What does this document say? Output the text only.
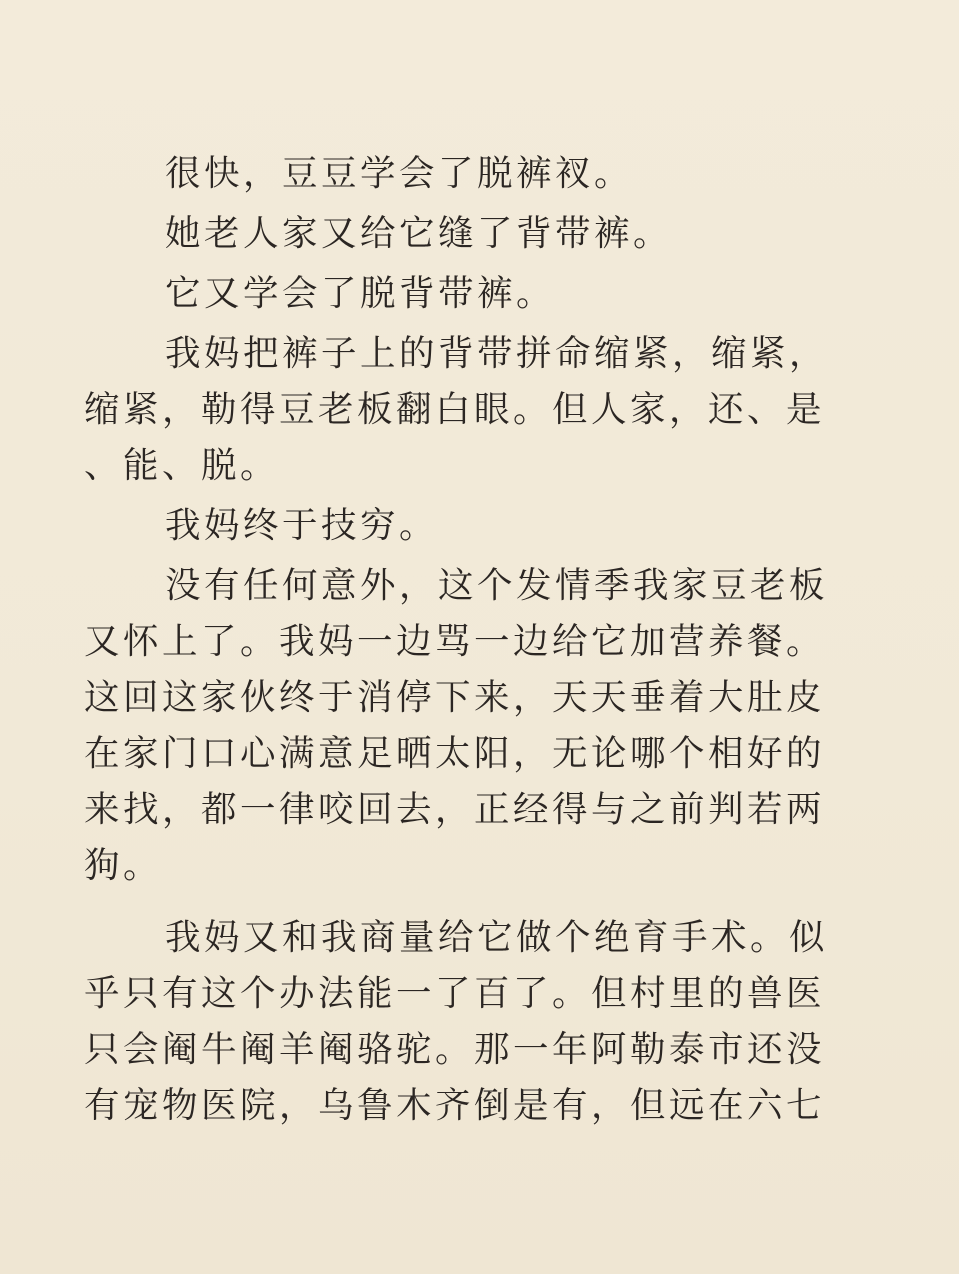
很快，豆豆学会了脱裤衩。
她老人家又给它缝了背带裤。
它又学会了脱背带裤。
我妈把裤子上的背带拼命缩紧，缩紧，
缩紧，勒得豆老板翻白眼。但人家，还、是
、能、脱。
我妈终于技穷。
没有任何意外，这个发情季我家豆老板
又怀上了。我妈一边骂一边给它加营养餐。
这回这家伙终于消停下来，天天垂着大肚皮
在家门口心满意足晒太阳，无论哪个相好的
来找，都一律咬回去，正经得与之前判若两
狗。
我妈又和我商量给它做个绝育手术。似
乎只有这个办法能一了百了。但村里的兽医
只会阉牛阉羊阉骆驼。那一年阿勒泰市还没
有宠物医院，乌鲁木齐倒是有，但远在六七
